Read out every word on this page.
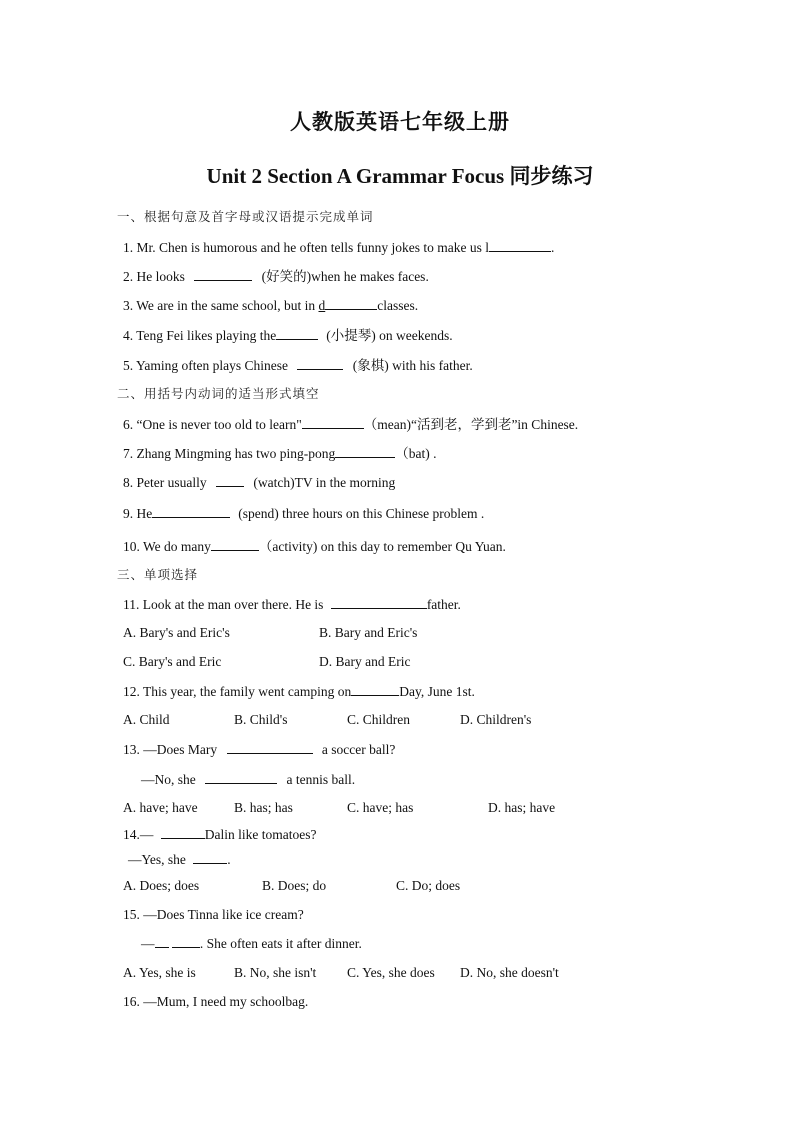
人教版英语七年级上册
Unit 2 Section A Grammar Focus 同步练习
一、根据句意及首字母或汉语提示完成单词
1. Mr. Chen is humorous and he often tells funny jokes to make us l	.
2. He looks	(好笑的)when he makes faces.
3. We are in the same school, but in d	classes.
4. Teng Fei likes playing the	(小提琴) on weekends.
5. Yaming often plays Chinese	(象棋) with his father.
二、用括号内动词的适当形式填空
6. “One is never too old to learn"	（mean)“活到老，学到老”in Chinese.
7. Zhang Mingming has two ping-pong	（bat) .
8. Peter usually	(watch)TV in the morning
9. He	(spend) three hours on this Chinese problem .
10. We do many	（activity) on this day to remember Qu Yuan.
三、单项选择
11. Look at the man over there. He is	father.
A. Bary's and Eric's	B. Bary and Eric's
C. Bary's and Eric	D. Bary and Eric
12. This year, the family went camping on	Day, June 1st.
A. Child	B. Child's	C. Children	D. Children's
13. —Does Mary	a soccer ball?
—No, she	a tennis ball.
A. have; have	B. has; has	C. have; has	D. has; have
14.—	Dalin like tomatoes?
—Yes, she	.
A. Does; does	B. Does; do	C. Do; does
15. —Does Tinna like ice cream?
—	. She often eats it after dinner.
A. Yes, she is	B. No, she isn't C. Yes, she does D. No, she doesn't
16. —Mum, I need my schoolbag.
